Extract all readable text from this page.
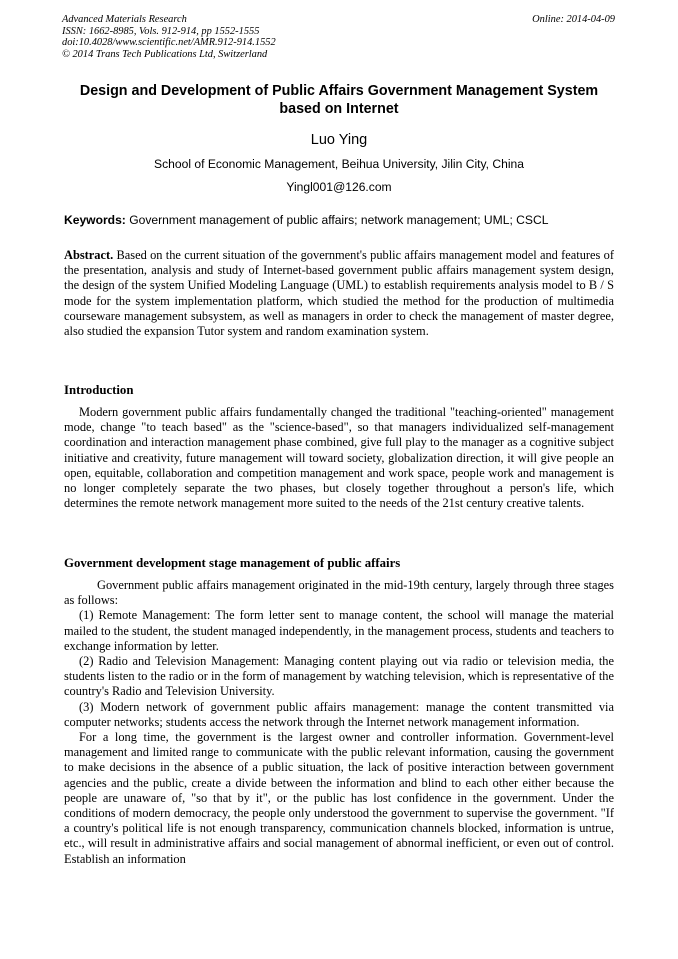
Advanced Materials Research
ISSN: 1662-8985, Vols. 912-914, pp 1552-1555
doi:10.4028/www.scientific.net/AMR.912-914.1552
© 2014 Trans Tech Publications Ltd, Switzerland
Online: 2014-04-09
Design and Development of Public Affairs Government Management System based on Internet
Luo Ying
School of Economic Management, Beihua University, Jilin City, China
Yingl001@126.com
Keywords: Government management of public affairs; network management; UML; CSCL

Abstract. Based on the current situation of the government's public affairs management model and features of the presentation, analysis and study of Internet-based government public affairs management system design, the design of the system Unified Modeling Language (UML) to establish requirements analysis model to B / S mode for the system implementation platform, which studied the method for the production of multimedia courseware management subsystem, as well as managers in order to check the management of master degree, also studied the expansion Tutor system and random examination system.

Introduction

Modern government public affairs fundamentally changed the traditional "teaching-oriented" management mode, change "to teach based" as the "science-based", so that managers individualized self-management coordination and interaction management phase combined, give full play to the manager as a cognitive subject initiative and creativity, future management will toward society, globalization direction, it will give people an open, equitable, collaboration and competition management and work space, people work and management is no longer completely separate the two phases, but closely together throughout a person's life, which determines the remote network management more suited to the needs of the 21st century creative talents.

Government development stage management of public affairs

Government public affairs management originated in the mid-19th century, largely through three stages as follows:

(1) Remote Management: The form letter sent to manage content, the school will manage the material mailed to the student, the student managed independently, in the management process, students and teachers to exchange information by letter.

(2) Radio and Television Management: Managing content playing out via radio or television media, the students listen to the radio or in the form of management by watching television, which is representative of the country's Radio and Television University.

(3) Modern network of government public affairs management: manage the content transmitted via computer networks; students access the network through the Internet network management information.

For a long time, the government is the largest owner and controller information. Government-level management and limited range to communicate with the public relevant information, causing the government to make decisions in the absence of a public situation, the lack of positive interaction between government agencies and the public, create a divide between the information and blind to each other either because the people are unaware of, "so that by it", or the public has lost confidence in the government. Under the conditions of modern democracy, the people only understood the government to supervise the government. "If a country's political life is not enough transparency, communication channels blocked, information is untrue, etc., will result in administrative affairs and social management of abnormal inefficient, or even out of control. Establish an information
